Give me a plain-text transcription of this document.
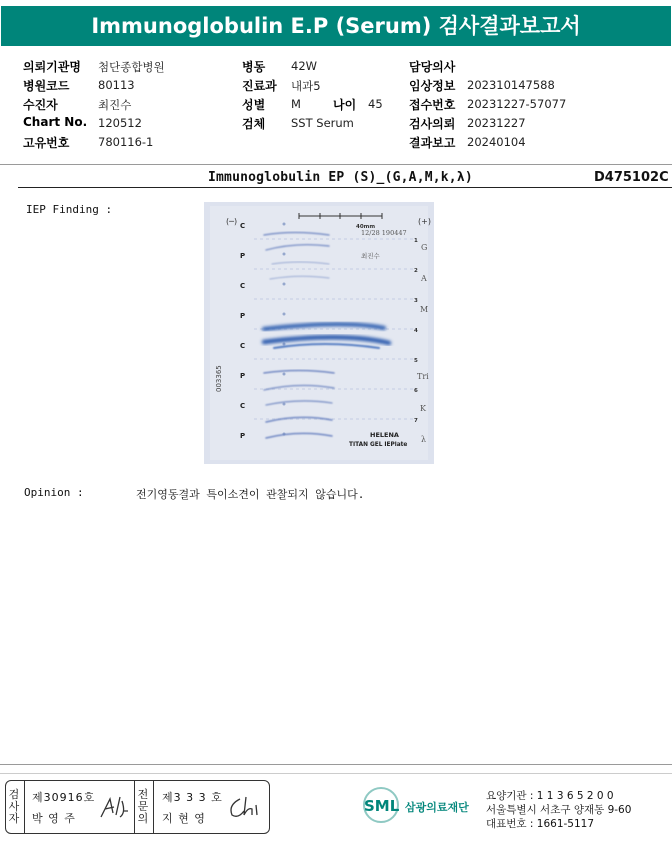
Immunoglobulin E.P (Serum) 검사결과보고서
의뢰기관명 첨단종합병원
병원코드 80113
수진자	최진수
Chart No. 120512
고유번호 780116-1
병동 42W
진료과 내과5
성별 M	나이 45
검체 SST Serum
담당의사
임상정보 202310147588
접수번호 20231227-57077
검사의뢰 20231227
결과보고 20240104
Immunoglobulin EP (S)_(G,A,M,k,λ)	D475102C
IEP Finding :
(─)	(+)
40mm
12/28 190447
최진수
HELENA
TITAN GEL IEPlate
003365
C
P
C
P
C
P
C
P
1
2
3
4
5
6
7
G
A
M
Tri
K
λ
Opinion :	전기영동결과 특이소견이 관찰되지 않습니다.
검
사
자
제30916호
박 영 주
전
문
의
제3 3 3 호
지 현 영
SML 삼광의료재단
요양기관 : 1 1 3 6 5 2 0 0
서울특별시 서초구 양재동 9-60
대표번호 : 1661-5117
